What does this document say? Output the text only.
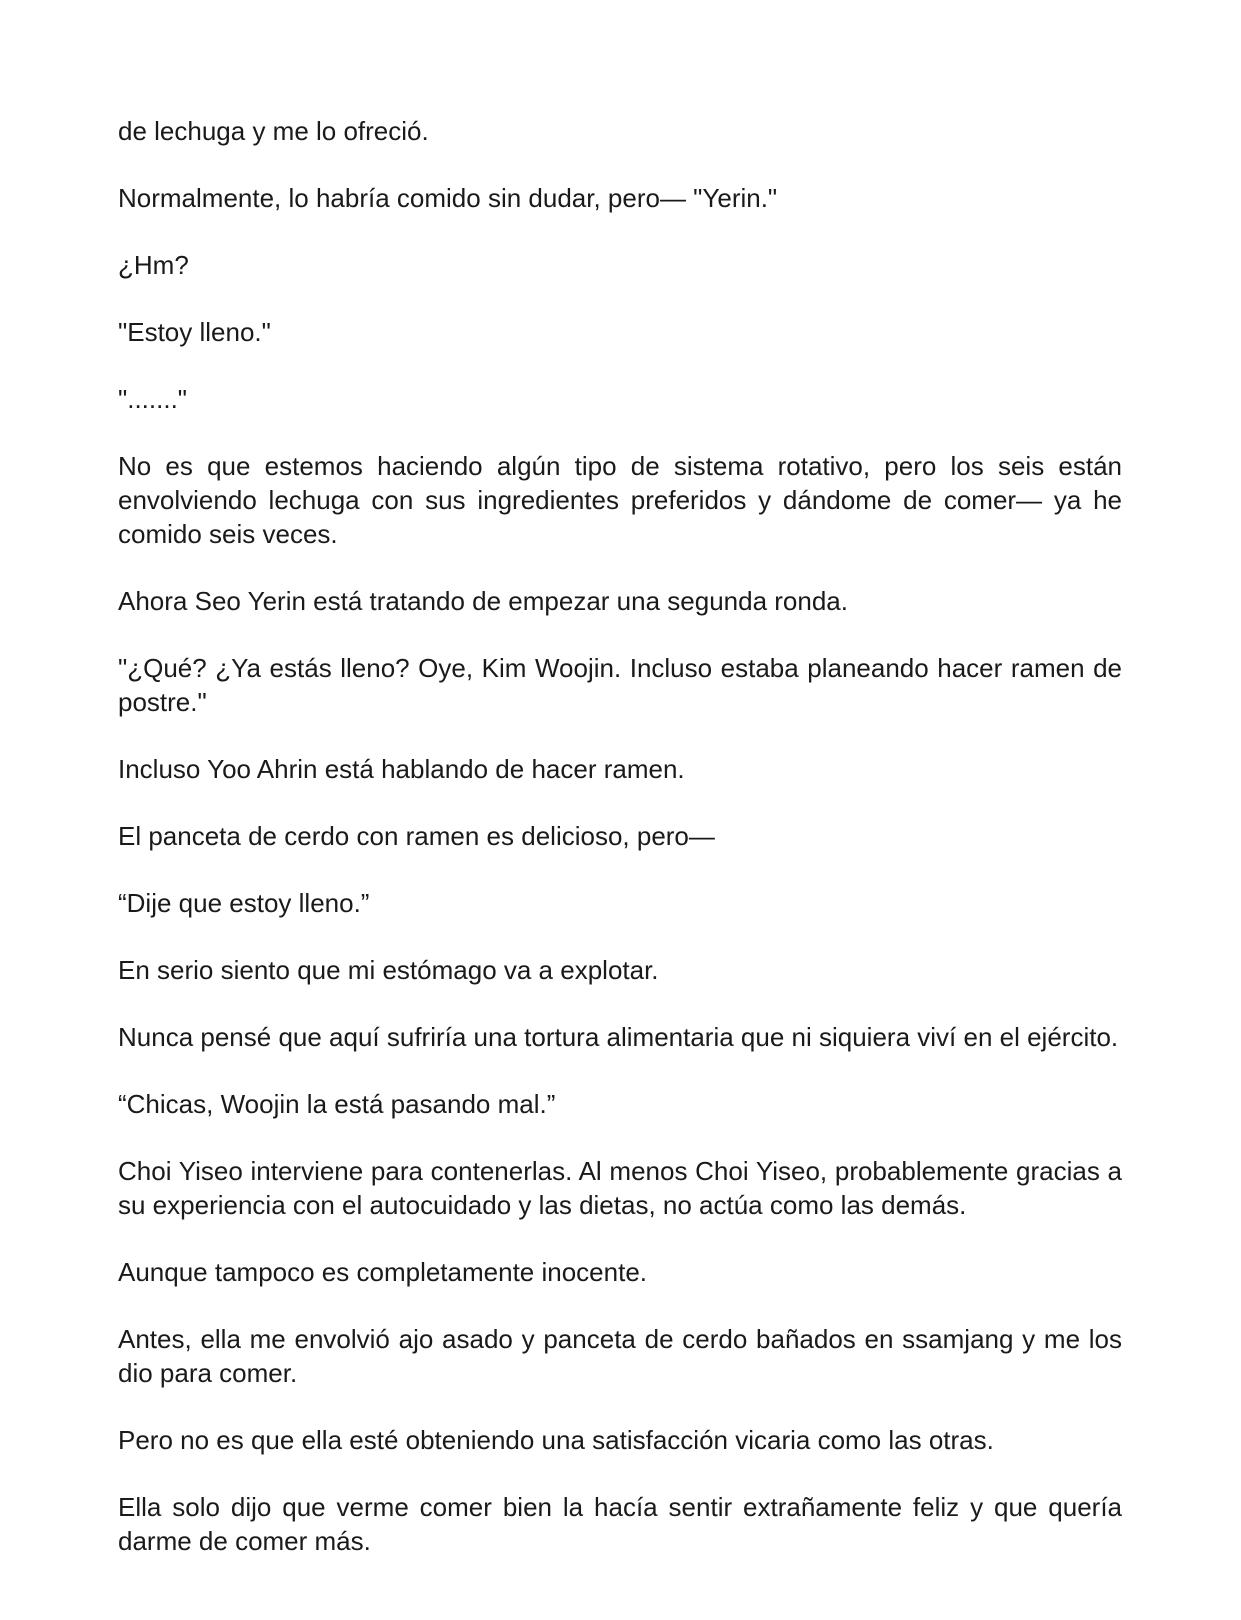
de lechuga y me lo ofreció.

Normalmente, lo habría comido sin dudar, pero— "Yerin."

¿Hm?

"Estoy lleno."

"......."

No es que estemos haciendo algún tipo de sistema rotativo, pero los seis están envolviendo lechuga con sus ingredientes preferidos y dándome de comer— ya he comido seis veces.

Ahora Seo Yerin está tratando de empezar una segunda ronda.

"¿Qué? ¿Ya estás lleno? Oye, Kim Woojin. Incluso estaba planeando hacer ramen de postre."

Incluso Yoo Ahrin está hablando de hacer ramen.

El panceta de cerdo con ramen es delicioso, pero—

“Dije que estoy lleno.”

En serio siento que mi estómago va a explotar.

Nunca pensé que aquí sufriría una tortura alimentaria que ni siquiera viví en el ejército.

“Chicas, Woojin la está pasando mal.”

Choi Yiseo interviene para contenerlas. Al menos Choi Yiseo, probablemente gracias a su experiencia con el autocuidado y las dietas, no actúa como las demás.

Aunque tampoco es completamente inocente.

Antes, ella me envolvió ajo asado y panceta de cerdo bañados en ssamjang y me los dio para comer.

Pero no es que ella esté obteniendo una satisfacción vicaria como las otras.

Ella solo dijo que verme comer bien la hacía sentir extrañamente feliz y que quería darme de comer más.
